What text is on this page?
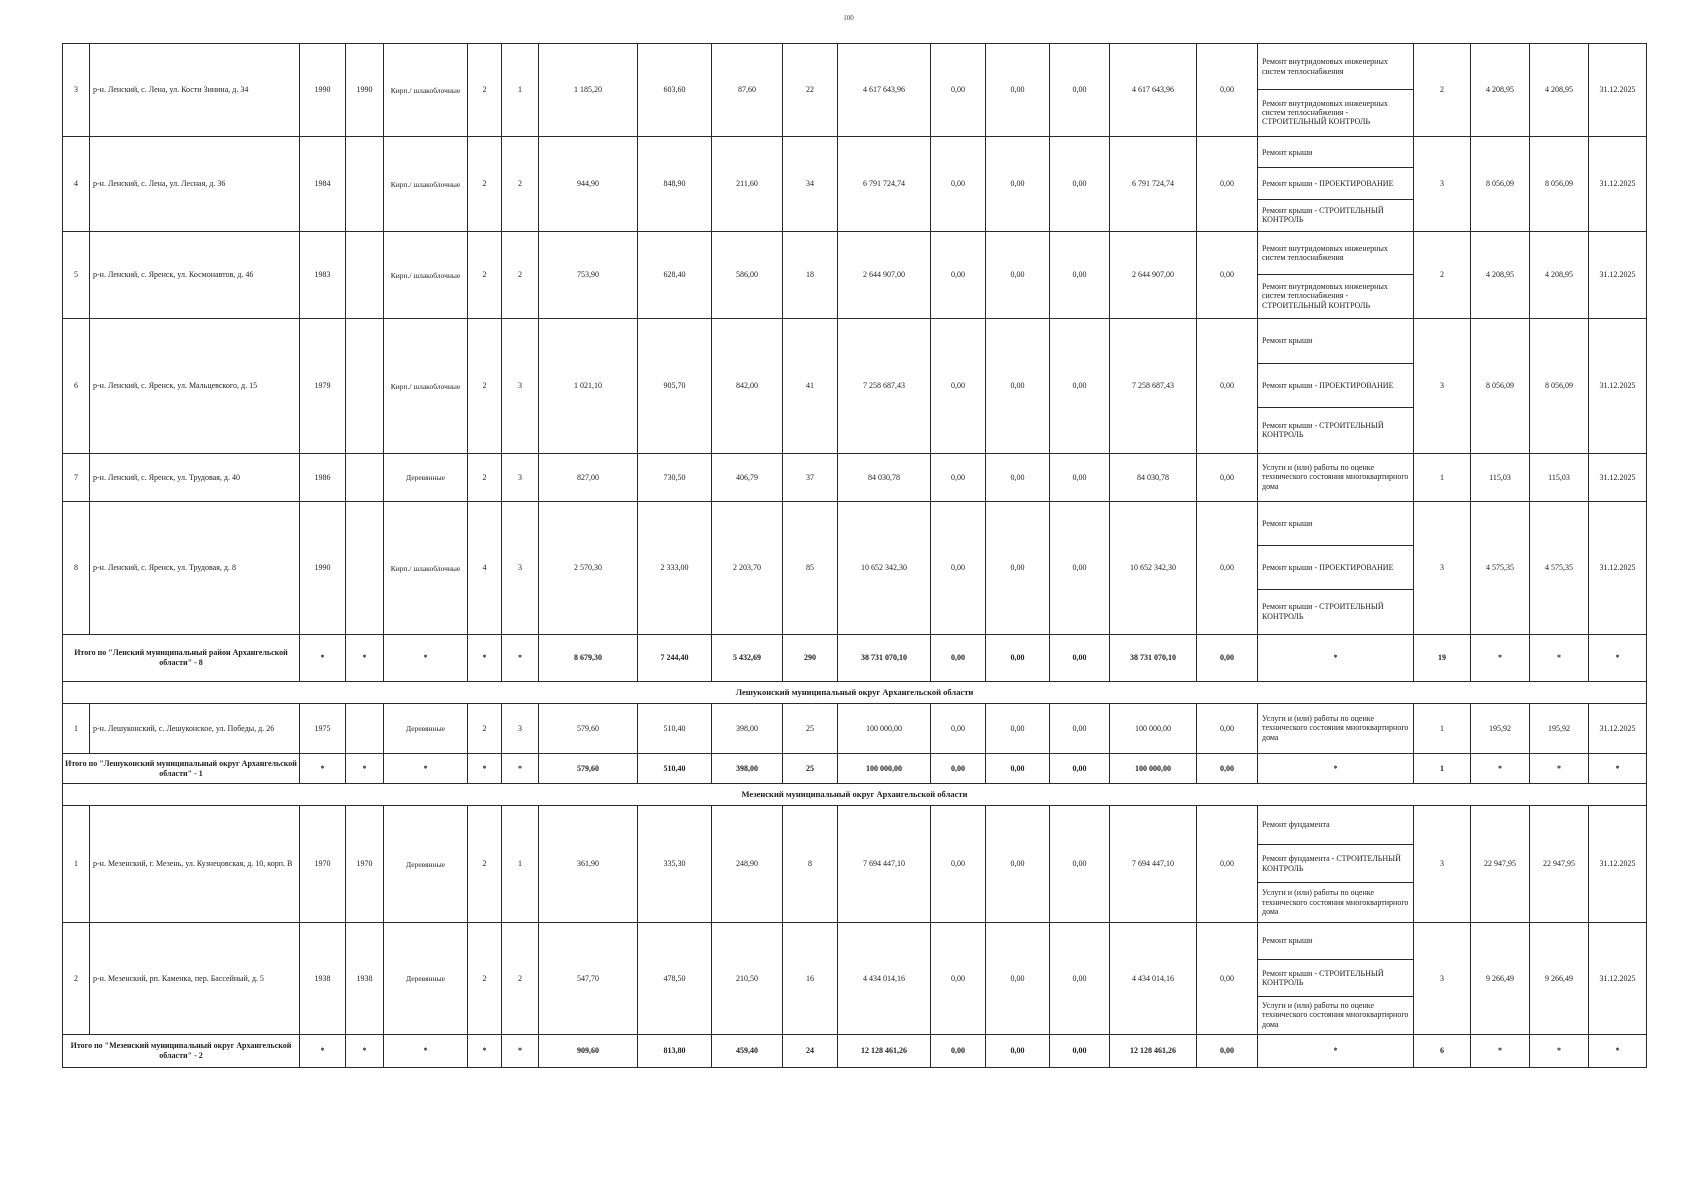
100
3	р-н. Ленский, с. Лена, ул. Кости Зинина, д. 34	1990	1990	Кирп./ шлакоблочные	2	1	1 185,20	603,60	87,60	22	4 617 643,96	0,00	0,00	0,00	4 617 643,96	0,00	Ремонт внутридомовых инженерных систем теплоснабжения
Ремонт внутридомовых инженерных систем теплоснабжения - СТРОИТЕЛЬНЫЙ КОНТРОЛЬ	2	4 208,95	4 208,95	31.12.2025
4	р-н. Ленский, с. Лена, ул. Лесная, д. 36	1984		Кирп./ шлакоблочные	2	2	944,90	848,90	211,60	34	6 791 724,74	0,00	0,00	0,00	6 791 724,74	0,00	Ремонт крыши
Ремонт крыши - ПРОЕКТИРОВАНИЕ
Ремонт крыши - СТРОИТЕЛЬНЫЙ КОНТРОЛЬ	3	8 056,09	8 056,09	31.12.2025
5	р-н. Ленский, с. Яренск, ул. Космонавтов, д. 46	1983		Кирп./ шлакоблочные	2	2	753,90	628,40	586,00	18	2 644 907,00	0,00	0,00	0,00	2 644 907,00	0,00	Ремонт внутридомовых инженерных систем теплоснабжения
Ремонт внутридомовых инженерных систем теплоснабжения - СТРОИТЕЛЬНЫЙ КОНТРОЛЬ	2	4 208,95	4 208,95	31.12.2025
6	р-н. Ленский, с. Яренск, ул. Мальцевского, д. 15	1979		Кирп./ шлакоблочные	2	3	1 021,10	905,70	842,00	41	7 258 687,43	0,00	0,00	0,00	7 258 687,43	0,00	Ремонт крыши
Ремонт крыши - ПРОЕКТИРОВАНИЕ
Ремонт крыши - СТРОИТЕЛЬНЫЙ КОНТРОЛЬ	3	8 056,09	8 056,09	31.12.2025
7	р-н. Ленский, с. Яренск, ул. Трудовая, д. 40	1986		Деревянные	2	3	827,00	730,50	406,79	37	84 030,78	0,00	0,00	0,00	84 030,78	0,00	Услуги и (или) работы по оценке технического состояния многоквартирного дома	1	115,03	115,03	31.12.2025
8	р-н. Ленский, с. Яренск, ул. Трудовая, д. 8	1990		Кирп./ шлакоблочные	4	3	2 570,30	2 333,00	2 203,70	85	10 652 342,30	0,00	0,00	0,00	10 652 342,30	0,00	Ремонт крыши
Ремонт крыши - ПРОЕКТИРОВАНИЕ
Ремонт крыши - СТРОИТЕЛЬНЫЙ КОНТРОЛЬ	3	4 575,35	4 575,35	31.12.2025
Итого по "Ленский муниципальный район Архангельской области" - 8		*	*	*	*	*	8 679,30	7 244,40	5 432,69	290	38 731 070,10	0,00	0,00	0,00	38 731 070,10	0,00	*	19	*	*	*
Лешуконский муниципальный округ Архангельской области																					
1	р-н. Лешуконский, с. Лешуконское, ул. Победы, д. 26	1975		Деревянные	2	3	579,60	510,40	398,00	25	100 000,00	0,00	0,00	0,00	100 000,00	0,00	Услуги и (или) работы по оценке технического состояния многоквартирного дома	1	195,92	195,92	31.12.2025
Итого по "Лешуконский муниципальный округ Архангельской области" - 1		*	*	*	*	*	579,60	510,40	398,00	25	100 000,00	0,00	0,00	0,00	100 000,00	0,00	*	1	*	*	*
Мезенский муниципальный округ Архангельской области																					
1	р-н. Мезенский, г. Мезень, ул. Кузнецовская, д. 10, корп. В	1970	1970	Деревянные	2	1	361,90	335,30	248,90	8	7 694 447,10	0,00	0,00	0,00	7 694 447,10	0,00	Ремонт фундамента
Ремонт фундамента - СТРОИТЕЛЬНЫЙ КОНТРОЛЬ
Услуги и (или) работы по оценке технического состояния многоквартирного дома	3	22 947,95	22 947,95	31.12.2025
2	р-н. Мезенский, рп. Каменка, пер. Бассейный, д. 5	1938	1938	Деревянные	2	2	547,70	478,50	210,50	16	4 434 014,16	0,00	0,00	0,00	4 434 014,16	0,00	Ремонт крыши
Ремонт крыши - СТРОИТЕЛЬНЫЙ КОНТРОЛЬ
Услуги и (или) работы по оценке технического состояния многоквартирного дома	3	9 266,49	9 266,49	31.12.2025
Итого по "Мезенский муниципальный округ Архангельской области" - 2		*	*	*	*	*	909,60	813,80	459,40	24	12 128 461,26	0,00	0,00	0,00	12 128 461,26	0,00	*	6	*	*	*
